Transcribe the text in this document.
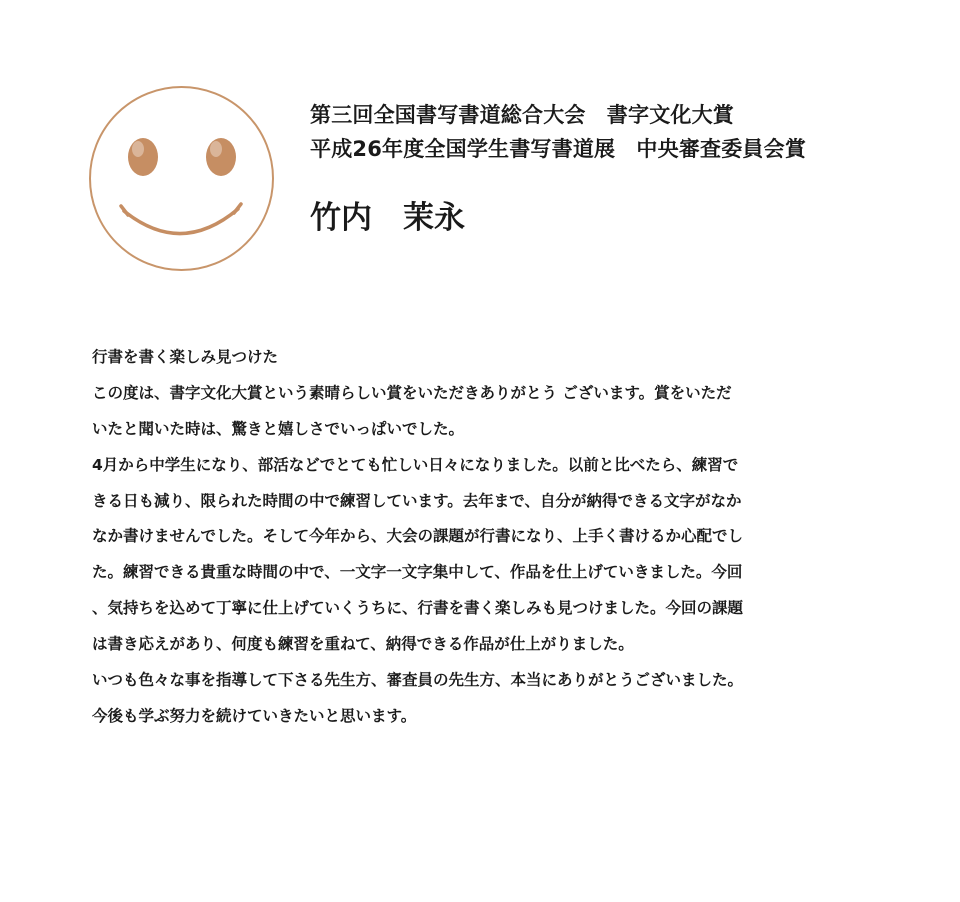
第三回全国書写書道総合大会　書字文化大賞
平成26年度全国学生書写書道展　中央審査委員会賞
竹内　茉永
行書を書く楽しみ見つけた
この度は、書字文化大賞という素晴らしい賞をいただきありがとう ございます。賞をいただ
いたと聞いた時は、驚きと嬉しさでいっぱいでした。
4月から中学生になり、部活などでとても忙しい日々になりました。以前と比べたら、練習で
きる日も減り、限られた時間の中で練習しています。去年まで、自分が納得できる文字がなか
なか書けませんでした。そして今年から、大会の課題が行書になり、上手く書けるか心配でし
た。練習できる貴重な時間の中で、一文字一文字集中して、作品を仕上げていきました。今回
、気持ちを込めて丁寧に仕上げていくうちに、行書を書く楽しみも見つけました。今回の課題
は書き応えがあり、何度も練習を重ねて、納得できる作品が仕上がりました。
いつも色々な事を指導して下さる先生方、審査員の先生方、本当にありがとうございました。
今後も学ぶ努力を続けていきたいと思います。
